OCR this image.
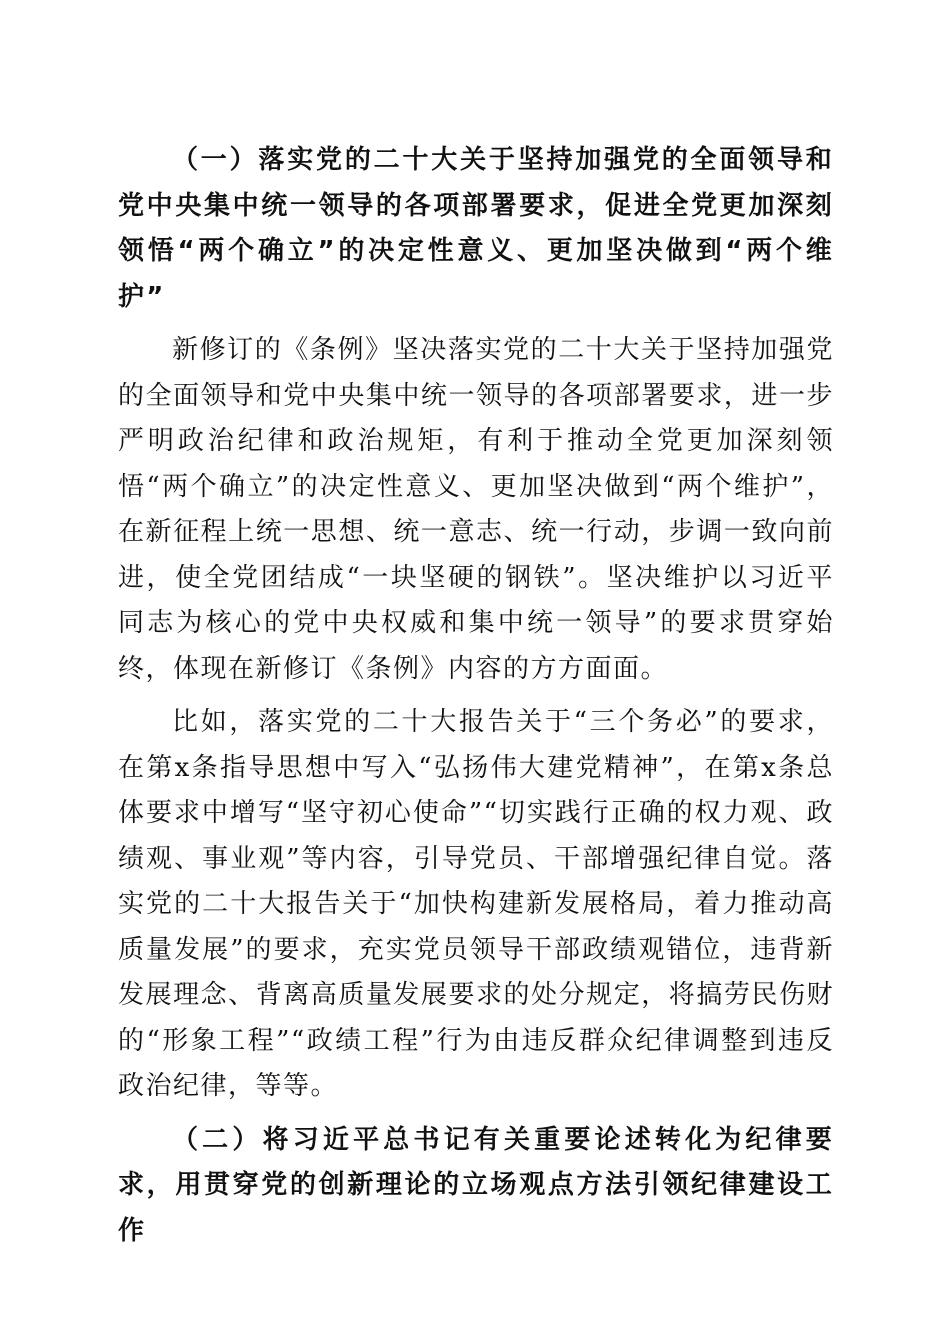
（一）落实党的二十大关于坚持加强党的全面领导和党中央集中统一领导的各项部署要求，促进全党更加深刻领悟“两个确立”的决定性意义、更加坚决做到“两个维护”

新修订的《条例》坚决落实党的二十大关于坚持加强党的全面领导和党中央集中统一领导的各项部署要求，进一步严明政治纪律和政治规矩，有利于推动全党更加深刻领悟“两个确立”的决定性意义、更加坚决做到“两个维护”，在新征程上统一思想、统一意志、统一行动，步调一致向前进，使全党团结成“一块坚硬的钢铁”。坚决维护以习近平同志为核心的党中央权威和集中统一领导”的要求贯穿始终，体现在新修订《条例》内容的方方面面。

比如，落实党的二十大报告关于“三个务必”的要求，在第x条指导思想中写入“弘扬伟大建党精神”，在第x条总体要求中增写“坚守初心使命”“切实践行正确的权力观、政绩观、事业观”等内容，引导党员、干部增强纪律自觉。落实党的二十大报告关于“加快构建新发展格局，着力推动高质量发展”的要求，充实党员领导干部政绩观错位，违背新发展理念、背离高质量发展要求的处分规定，将搞劳民伤财的“形象工程”“政绩工程”行为由违反群众纪律调整到违反政治纪律，等等。

（二）将习近平总书记有关重要论述转化为纪律要求，用贯穿党的创新理论的立场观点方法引领纪律建设工作
